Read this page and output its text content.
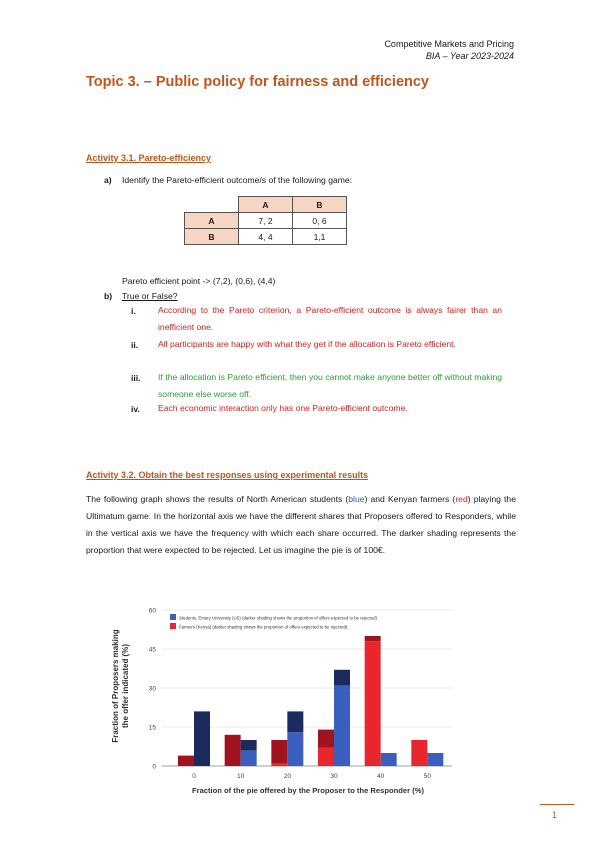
Competitive Markets and Pricing
BIA – Year 2023-2024
Topic 3. – Public policy for fairness and efficiency
Activity 3.1. Pareto-efficiency
a) Identify the Pareto-efficient outcome/s of the following game:
	A	B
A	7, 2	0, 6
B	4, 4	1,1
Pareto efficient point -> (7,2), (0,6), (4,4)
b) True or False?
i.	According to the Pareto criterion, a Pareto-efficient outcome is always fairer than an inefficient one.
ii. All participants are happy with what they get if the allocation is Pareto efficient.
iii. If the allocation is Pareto efficient, then you cannot make anyone better off without making someone else worse off.
iv. Each economic interaction only has one Pareto-efficient outcome.
Activity 3.2. Obtain the best responses using experimental results
The following graph shows the results of North American students (blue) and Kenyan farmers (red) playing the Ultimatum game. In the horizontal axis we have the different shares that Proposers offered to Responders, while in the vertical axis we have the frequency with which each share occurred. The darker shading represents the proportion that were expected to be rejected. Let us imagine the pie is of 100€.
0
15
30
45
60
0	10	20	30	40	50
Students, Emory University (US) (darker shading shows the proportion of offers expected to be rejected)
Farmers (Kenya) (darker shading shows the proportion of offers expected to be rejected)
Fraction of Proposers making the offer indicated (%)
Fraction of the pie offered by the Proposer to the Responder (%)
1
